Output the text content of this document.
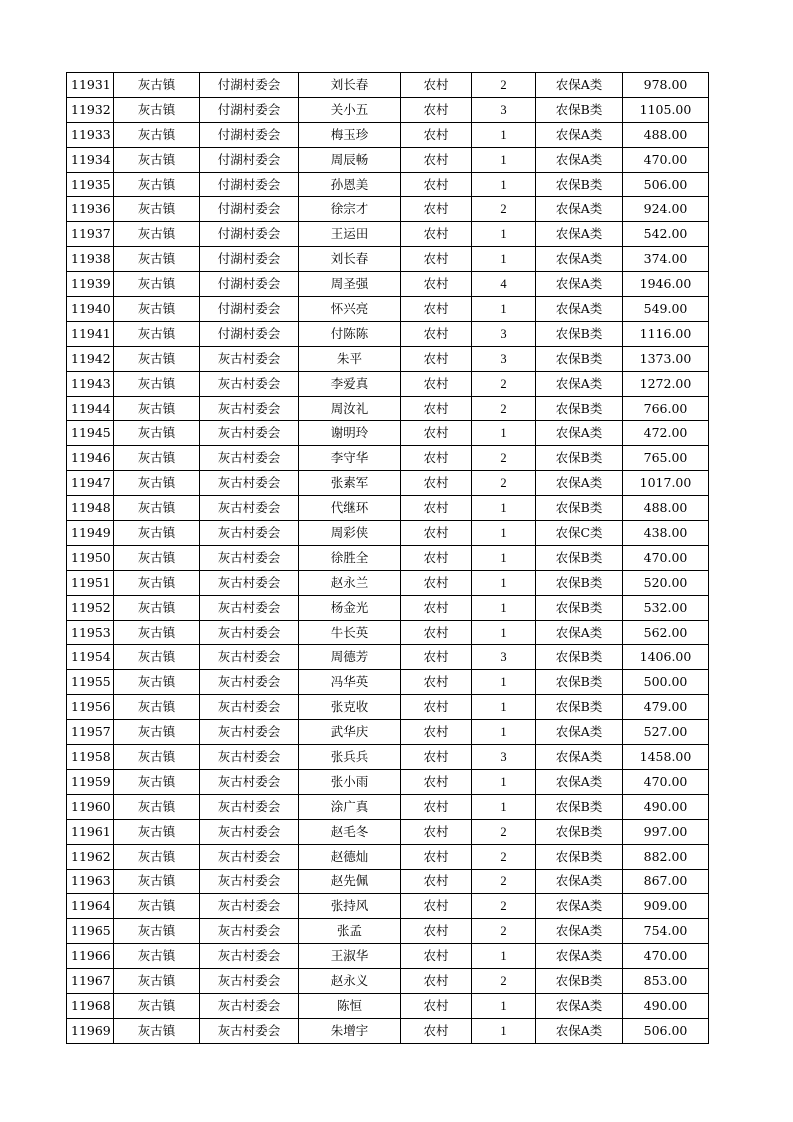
11931	灰古镇	付湖村委会	刘长春	农村	2	农保A类	978.00
11932	灰古镇	付湖村委会	关小五	农村	3	农保B类	1105.00
11933	灰古镇	付湖村委会	梅玉珍	农村	1	农保A类	488.00
11934	灰古镇	付湖村委会	周辰畅	农村	1	农保A类	470.00
11935	灰古镇	付湖村委会	孙恩美	农村	1	农保B类	506.00
11936	灰古镇	付湖村委会	徐宗才	农村	2	农保A类	924.00
11937	灰古镇	付湖村委会	王运田	农村	1	农保A类	542.00
11938	灰古镇	付湖村委会	刘长春	农村	1	农保A类	374.00
11939	灰古镇	付湖村委会	周圣强	农村	4	农保A类	1946.00
11940	灰古镇	付湖村委会	怀兴亮	农村	1	农保A类	549.00
11941	灰古镇	付湖村委会	付陈陈	农村	3	农保B类	1116.00
11942	灰古镇	灰古村委会	朱平	农村	3	农保B类	1373.00
11943	灰古镇	灰古村委会	李爱真	农村	2	农保A类	1272.00
11944	灰古镇	灰古村委会	周汝礼	农村	2	农保B类	766.00
11945	灰古镇	灰古村委会	谢明玲	农村	1	农保A类	472.00
11946	灰古镇	灰古村委会	李守华	农村	2	农保B类	765.00
11947	灰古镇	灰古村委会	张素军	农村	2	农保A类	1017.00
11948	灰古镇	灰古村委会	代继环	农村	1	农保B类	488.00
11949	灰古镇	灰古村委会	周彩侠	农村	1	农保C类	438.00
11950	灰古镇	灰古村委会	徐胜全	农村	1	农保B类	470.00
11951	灰古镇	灰古村委会	赵永兰	农村	1	农保B类	520.00
11952	灰古镇	灰古村委会	杨金光	农村	1	农保B类	532.00
11953	灰古镇	灰古村委会	牛长英	农村	1	农保A类	562.00
11954	灰古镇	灰古村委会	周德芳	农村	3	农保B类	1406.00
11955	灰古镇	灰古村委会	冯华英	农村	1	农保B类	500.00
11956	灰古镇	灰古村委会	张克收	农村	1	农保B类	479.00
11957	灰古镇	灰古村委会	武华庆	农村	1	农保A类	527.00
11958	灰古镇	灰古村委会	张兵兵	农村	3	农保A类	1458.00
11959	灰古镇	灰古村委会	张小雨	农村	1	农保A类	470.00
11960	灰古镇	灰古村委会	涂广真	农村	1	农保B类	490.00
11961	灰古镇	灰古村委会	赵毛冬	农村	2	农保B类	997.00
11962	灰古镇	灰古村委会	赵德灿	农村	2	农保B类	882.00
11963	灰古镇	灰古村委会	赵先佩	农村	2	农保A类	867.00
11964	灰古镇	灰古村委会	张持风	农村	2	农保A类	909.00
11965	灰古镇	灰古村委会	张孟	农村	2	农保A类	754.00
11966	灰古镇	灰古村委会	王淑华	农村	1	农保A类	470.00
11967	灰古镇	灰古村委会	赵永义	农村	2	农保B类	853.00
11968	灰古镇	灰古村委会	陈恒	农村	1	农保A类	490.00
11969	灰古镇	灰古村委会	朱增宇	农村	1	农保A类	506.00
